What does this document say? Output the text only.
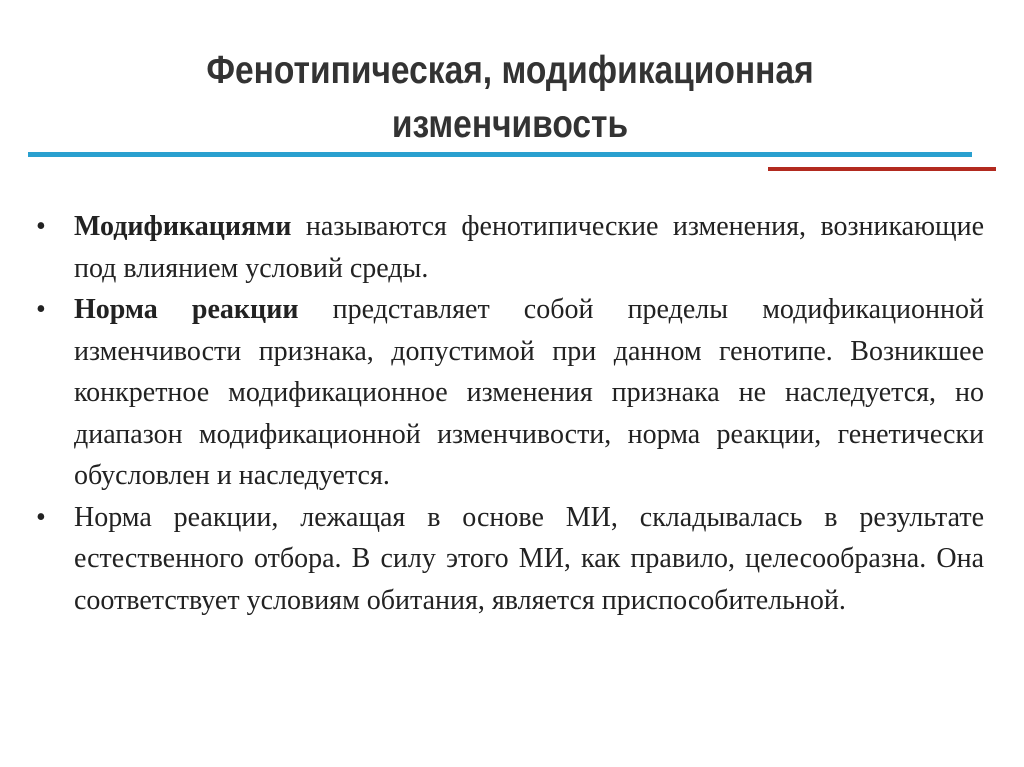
Фенотипическая, модификационная
изменчивость
•	Модификациями называются фенотипические изменения, возникающие под влиянием условий среды.
•	Норма реакции представляет собой пределы модификационной изменчивости признака, допустимой при данном генотипе. Возникшее конкретное модификационное изменения признака не наследуется, но диапазон модификационной изменчивости, норма реакции, генетически обусловлен и наследуется.
•	Норма реакции, лежащая в основе МИ, складывалась в результате естественного отбора. В силу этого МИ, как правило, целесообразна. Она соответствует условиям обитания, является приспособительной.
